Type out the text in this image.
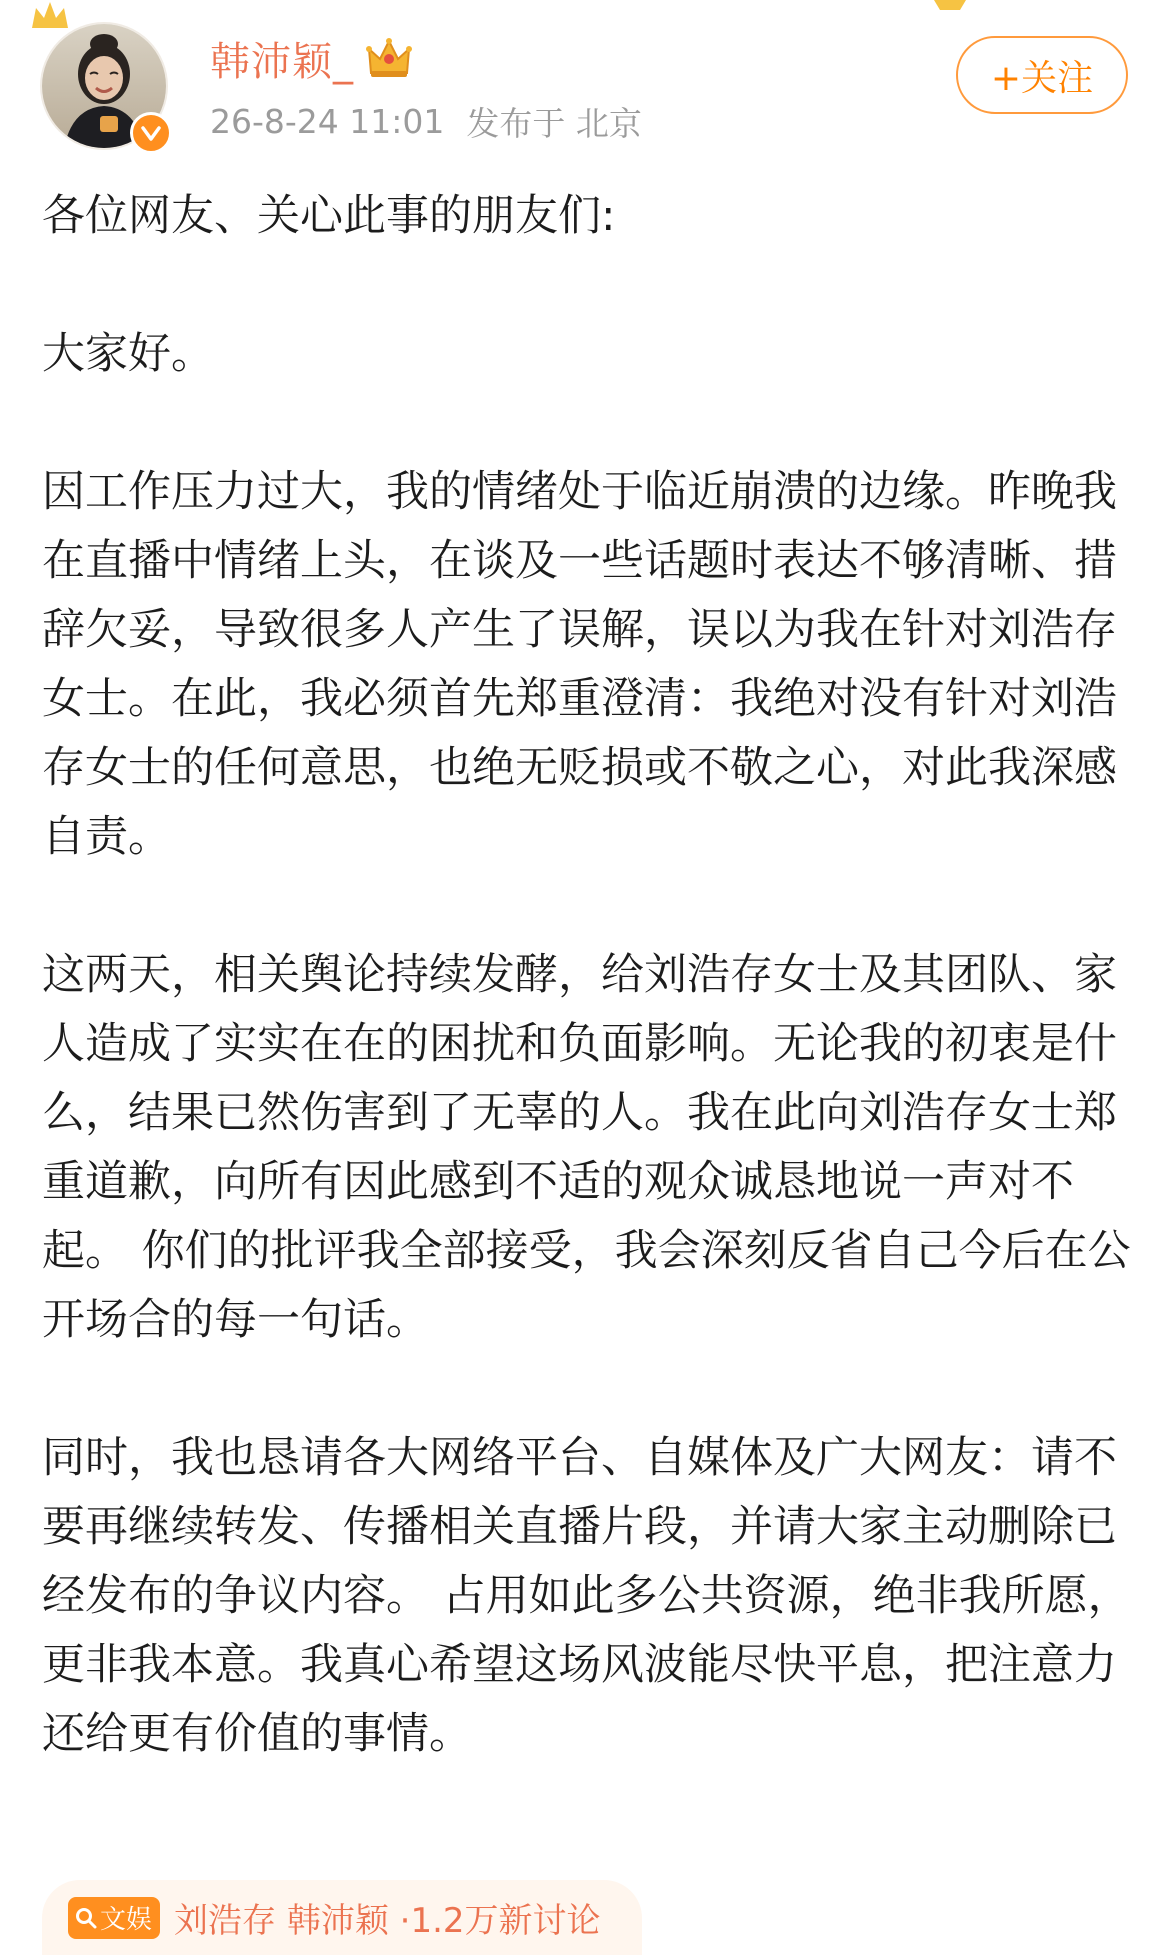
韩沛颖_
26-8-24 11:01 发布于 北京
+关注

各位网友、关心此事的朋友们:

大家好。

因工作压力过大，我的情绪处于临近崩溃的边缘。昨晚我在直播中情绪上头，在谈及一些话题时表达不够清晰、措辞欠妥，导致很多人产生了误解，误以为我在针对刘浩存女士。在此，我必须首先郑重澄清：我绝对没有针对刘浩存女士的任何意思，也绝无贬损或不敬之心，对此我深感自责。

这两天，相关舆论持续发酵，给刘浩存女士及其团队、家人造成了实实在在的困扰和负面影响。无论我的初衷是什么，结果已然伤害到了无辜的人。我在此向刘浩存女士郑重道歉，向所有因此感到不适的观众诚恳地说一声对不起。 你们的批评我全部接受，我会深刻反省自己今后在公开场合的每一句话。

同时，我也恳请各大网络平台、自媒体及广大网友：请不要再继续转发、传播相关直播片段，并请大家主动删除已经发布的争议内容。 占用如此多公共资源，绝非我所愿，更非我本意。我真心希望这场风波能尽快平息，把注意力还给更有价值的事情。

文娱 刘浩存 韩沛颖 ·1.2万新讨论
